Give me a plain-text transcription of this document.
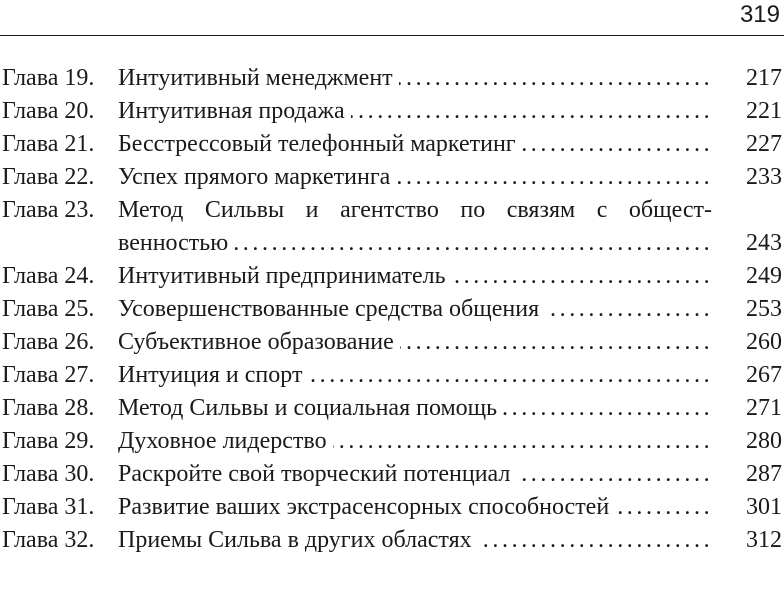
319
Глава 19. Интуитивный менеджмент . . .	217
Глава 20. Интуитивная продажа . . .	221
Глава 21. Бесстрессовый телефонный маркетинг . . .	227
Глава 22. Успех прямого маркетинга . . .	233
Глава 23. Метод Сильвы и агентство по связям с общест-
венностью . . .	243
Глава 24. Интуитивный предприниматель . . .	249
Глава 25. Усовершенствованные средства общения . . .	253
Глава 26. Субъективное образование . . .	260
Глава 27. Интуиция и спорт . . .	267
Глава 28. Метод Сильвы и социальная помощь . . .	271
Глава 29. Духовное лидерство . . .	280
Глава 30. Раскройте свой творческий потенциал . . .	287
Глава 31. Развитие ваших экстрасенсорных способностей . . .	301
Глава 32. Приемы Сильва в других областях . . .	312
